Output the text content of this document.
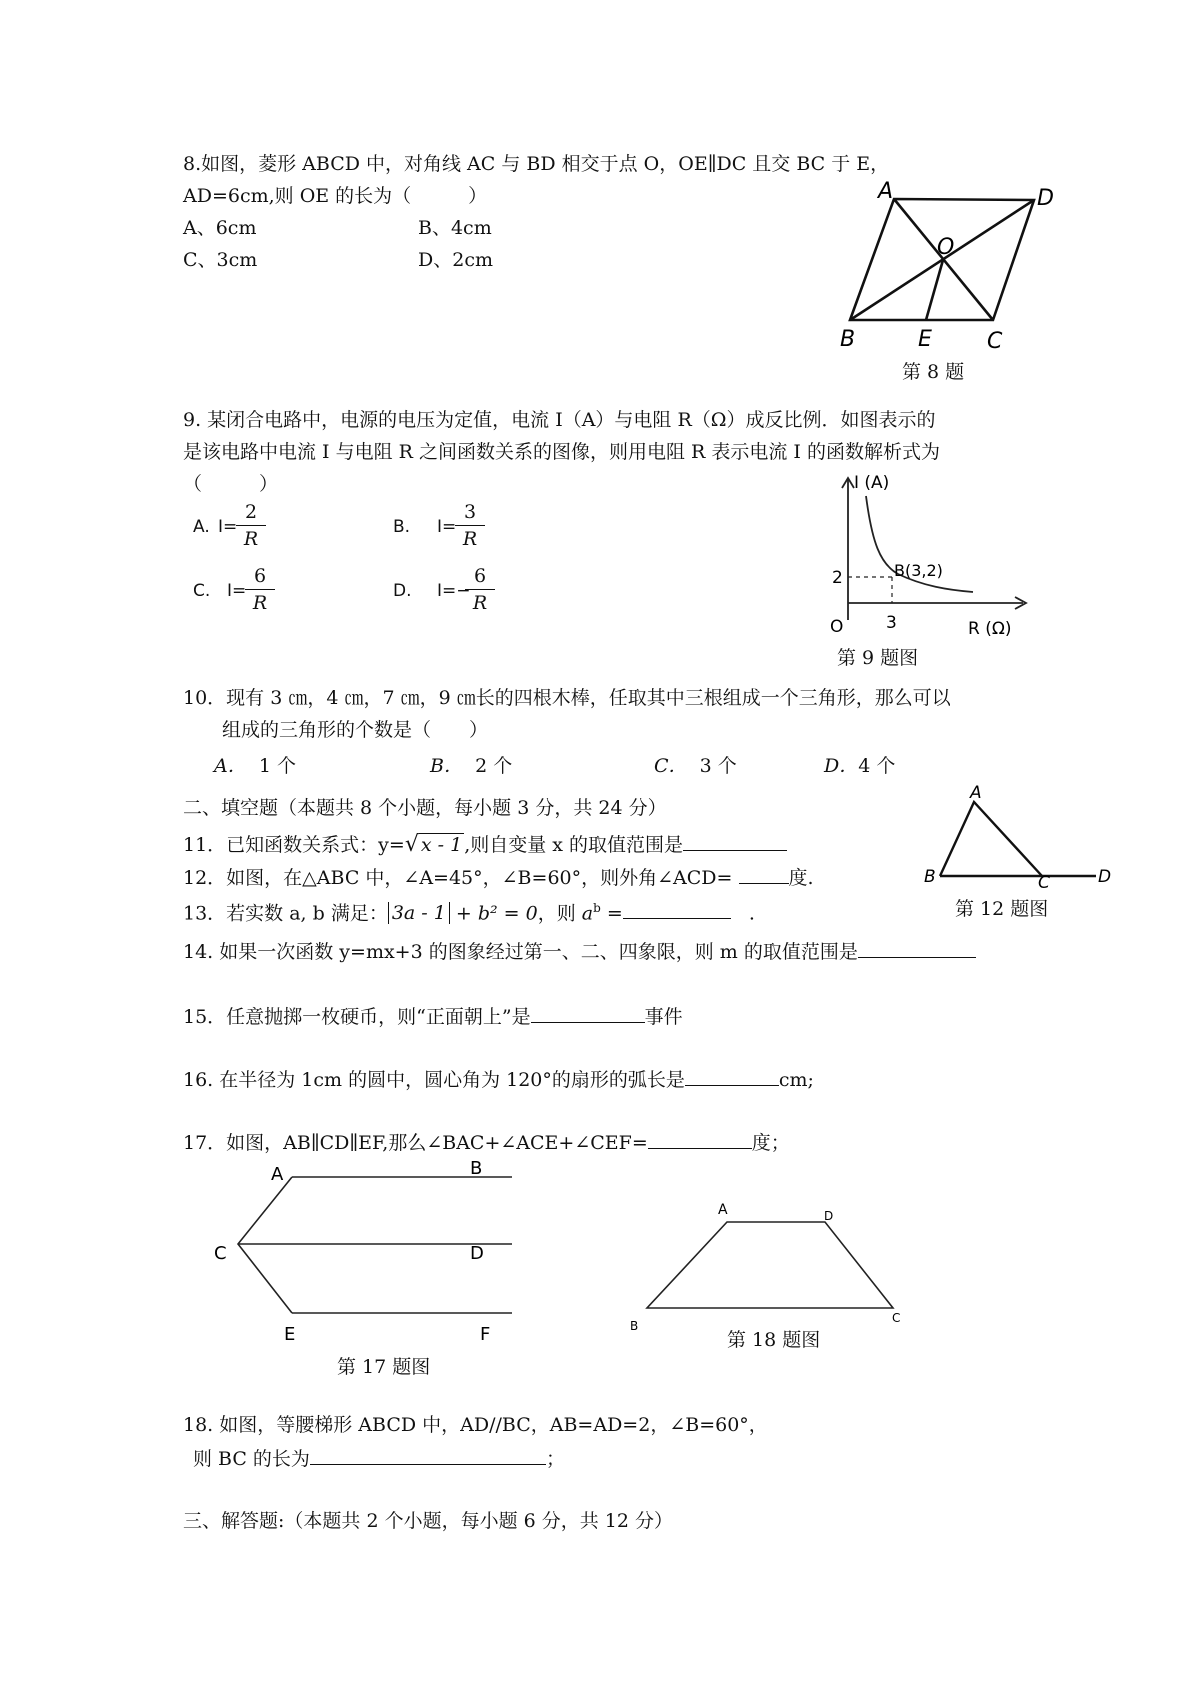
8.如图，菱形 ABCD 中，对角线 AC 与 BD 相交于点 O，OE∥DC 且交 BC 于 E，
AD=6cm,则 OE 的长为（　　　）
A、6cm	B、4cm
C、3cm	D、2cm
A	D
O
B	E	C
第 8 题
9. 某闭合电路中，电源的电压为定值，电流 I（A）与电阻 R（Ω）成反比例．如图表示的
是该电路中电流 I 与电阻 R 之间函数关系的图像，则用电阻 R 表示电流 I 的函数解析式为
（　　　）
A. I=
$\frac{2}{R}$	B. I=
$\frac{3}{R}$
C. I=
$\frac{6}{R}$	D. I=−
$\frac{6}{R}$
I (A)
2	B(3,2)
O	3	R (Ω)
第 9 题图
10．现有 3 ㎝，4 ㎝，7 ㎝，9 ㎝长的四根木棒，任取其中三根组成一个三角形，那么可以
组成的三角形的个数是（　　）
A． 1 个	B． 2 个	C． 3 个	D．4 个
二、填空题（本题共 8 个小题，每小题 3 分，共 24 分）
11．已知函数关系式：y=√ x - 1 ,则自变量 x 的取值范围是
12．如图，在△ABC 中，∠A=45°，∠B=60°，则外角∠ACD=	度.
A
B	C	D
第 12 题图
13．若实数 a, b 满足： 3a - 1 + b² = 0，则 $a^b$ =	.
14. 如果一次函数 y=mx+3 的图象经过第一、二、四象限，则 m 的取值范围是
15．任意抛掷一枚硬币，则“正面朝上”是	事件
16. 在半径为 1cm 的圆中，圆心角为 120°的扇形的弧长是	cm;
17．如图，AB∥CD∥EF,那么∠BAC+∠ACE+∠CEF=	度；
A	B
C	D
E	F
第 17 题图
A	D
B
C
第 18 题图
18. 如图，等腰梯形 ABCD 中，AD//BC，AB=AD=2，∠B=60°，
则 BC 的长为	；
三、解答题:（本题共 2 个小题，每小题 6 分，共 12 分）
